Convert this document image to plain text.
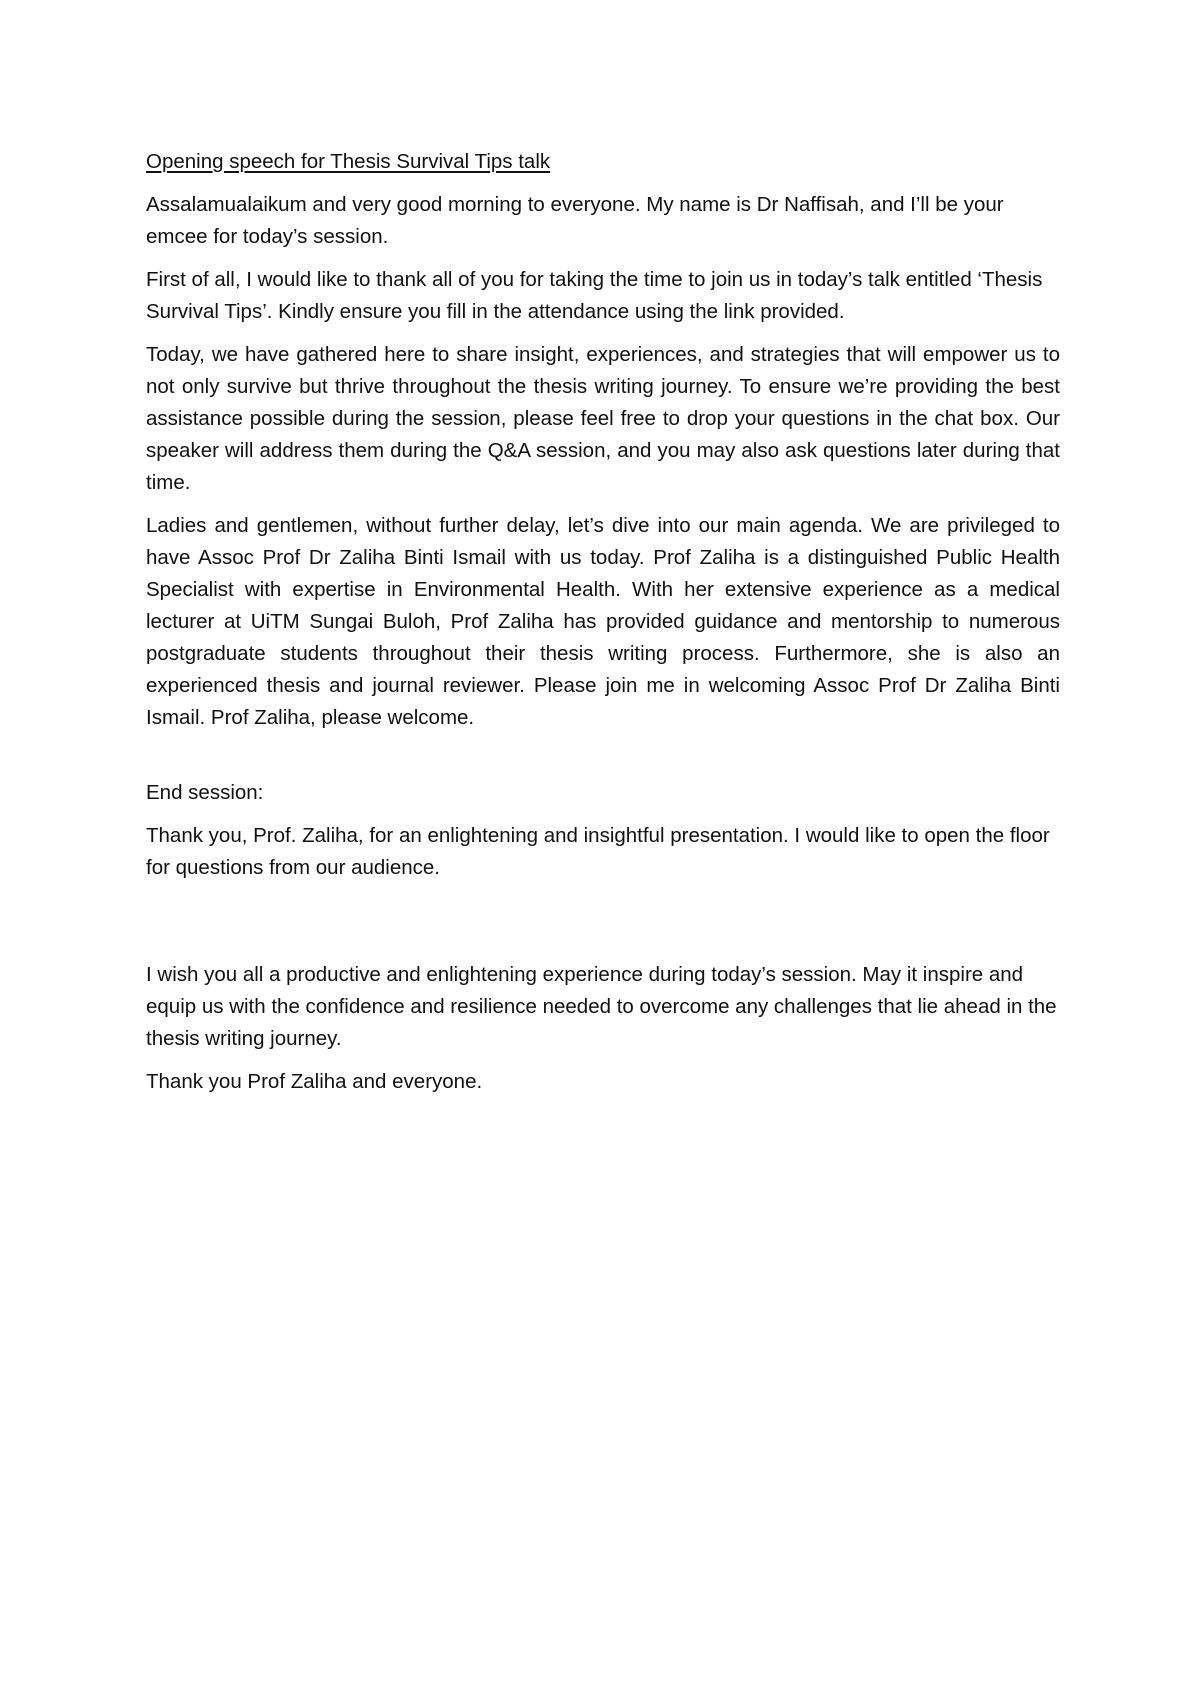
Opening speech for Thesis Survival Tips talk

Assalamualaikum and very good morning to everyone. My name is Dr Naffisah, and I’ll be your emcee for today’s session.

First of all, I would like to thank all of you for taking the time to join us in today’s talk entitled ‘Thesis Survival Tips’. Kindly ensure you fill in the attendance using the link provided.

Today, we have gathered here to share insight, experiences, and strategies that will empower us to not only survive but thrive throughout the thesis writing journey. To ensure we’re providing the best assistance possible during the session, please feel free to drop your questions in the chat box. Our speaker will address them during the Q&A session, and you may also ask questions later during that time.

Ladies and gentlemen, without further delay, let’s dive into our main agenda. We are privileged to have Assoc Prof Dr Zaliha Binti Ismail with us today. Prof Zaliha is a distinguished Public Health Specialist with expertise in Environmental Health. With her extensive experience as a medical lecturer at UiTM Sungai Buloh, Prof Zaliha has provided guidance and mentorship to numerous postgraduate students throughout their thesis writing process. Furthermore, she is also an experienced thesis and journal reviewer. Please join me in welcoming Assoc Prof Dr Zaliha Binti Ismail. Prof Zaliha, please welcome.

End session:

Thank you, Prof. Zaliha, for an enlightening and insightful presentation. I would like to open the floor for questions from our audience.

I wish you all a productive and enlightening experience during today’s session. May it inspire and equip us with the confidence and resilience needed to overcome any challenges that lie ahead in the thesis writing journey.

Thank you Prof Zaliha and everyone.
